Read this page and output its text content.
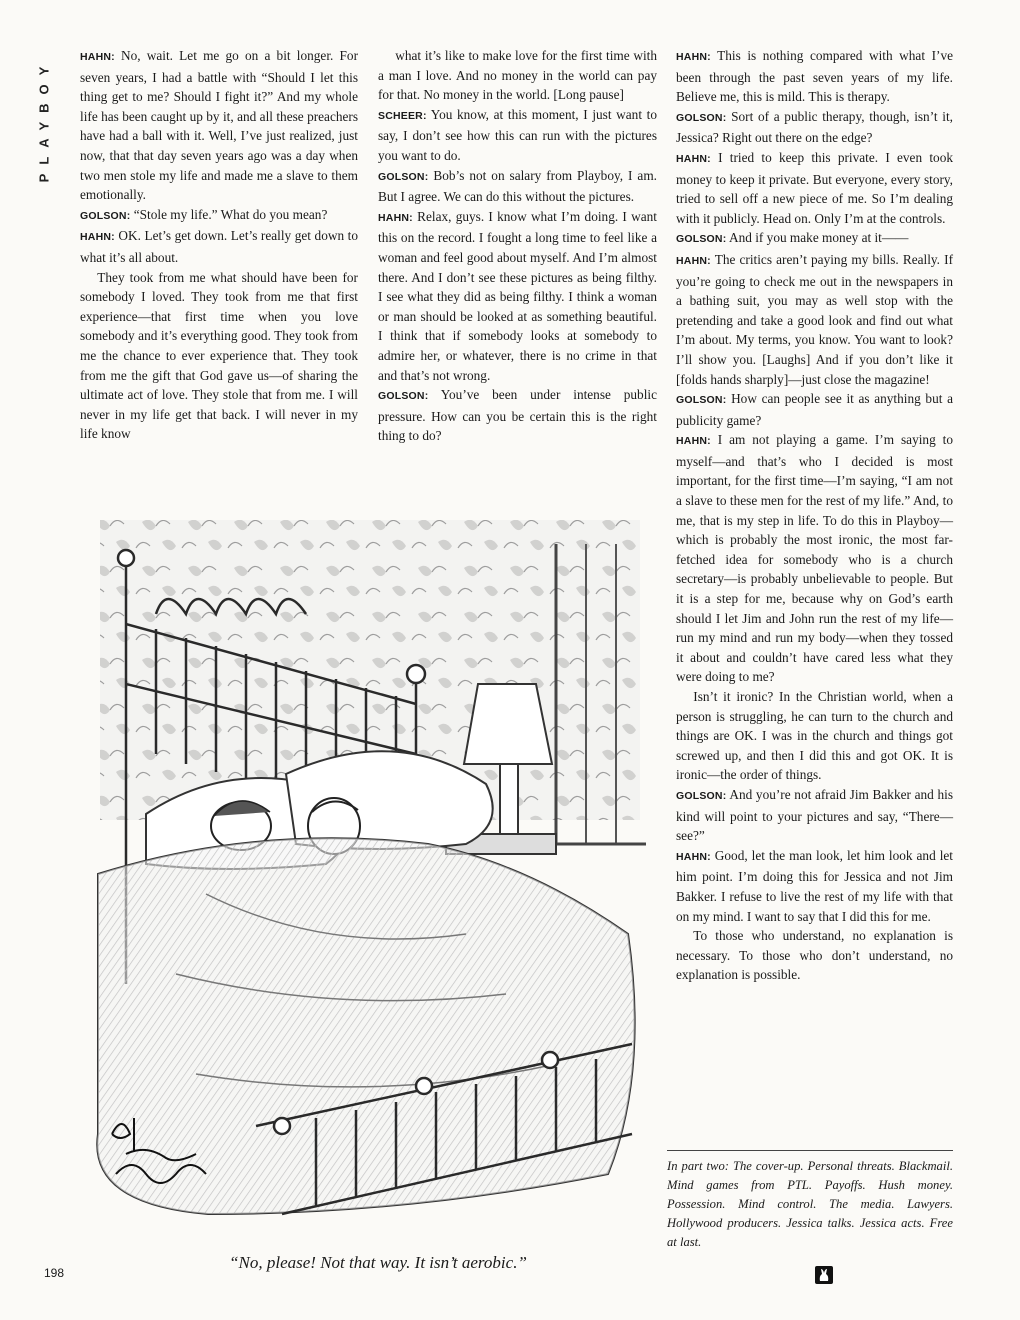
PLAYBOY

HAHN: No, wait. Let me go on a bit longer. For seven years, I had a battle with “Should I let this thing get to me? Should I fight it?” And my whole life has been caught up by it, and all these preachers have had a ball with it. Well, I’ve just realized, just now, that that day seven years ago was a day when two men stole my life and made me a slave to them emotionally.

GOLSON: “Stole my life.” What do you mean?

HAHN: OK. Let’s get down. Let’s really get down to what it’s all about.

They took from me what should have been for somebody I loved. They took from me that first experience—that first time when you love somebody and it’s everything good. They took from me the chance to ever experience that. They took from me the gift that God gave us—of sharing the ultimate act of love. They stole that from me. I will never in my life get that back. I will never in my life know

what it’s like to make love for the first time with a man I love. And no money in the world can pay for that. No money in the world. [Long pause]

SCHEER: You know, at this moment, I just want to say, I don’t see how this can run with the pictures you want to do.

GOLSON: Bob’s not on salary from Playboy, I am. But I agree. We can do this without the pictures.

HAHN: Relax, guys. I know what I’m doing. I want this on the record. I fought a long time to feel like a woman and feel good about myself. And I’m almost there. And I don’t see these pictures as being filthy. I see what they did as being filthy. I think a woman or man should be looked at as something beautiful. I think that if somebody looks at somebody to admire her, or whatever, there is no crime in that and that’s not wrong.

GOLSON: You’ve been under intense public pressure. How can you be certain this is the right thing to do?

HAHN: This is nothing compared with what I’ve been through the past seven years of my life. Believe me, this is mild. This is therapy.

GOLSON: Sort of a public therapy, though, isn’t it, Jessica? Right out there on the edge?

HAHN: I tried to keep this private. I even took money to keep it private. But everyone, every story, tried to sell off a new piece of me. So I’m dealing with it publicly. Head on. Only I’m at the controls.

GOLSON: And if you make money at it——

HAHN: The critics aren’t paying my bills. Really. If you’re going to check me out in the newspapers in a bathing suit, you may as well stop with the pretending and take a good look and find out what I’m about. My terms, you know. You want to look? I’ll show you. [Laughs] And if you don’t like it [folds hands sharply]—just close the magazine!

GOLSON: How can people see it as anything but a publicity game?

HAHN: I am not playing a game. I’m saying to myself—and that’s who I decided is most important, for the first time—I’m saying, “I am not a slave to these men for the rest of my life.” And, to me, that is my step in life. To do this in Playboy—which is probably the most ironic, the most far-fetched idea for somebody who is a church secretary—is probably unbelievable to people. But it is a step for me, because why on God’s earth should I let Jim and John run the rest of my life—run my mind and run my body—when they tossed it about and couldn’t have cared less what they were doing to me?

Isn’t it ironic? In the Christian world, when a person is struggling, he can turn to the church and things are OK. I was in the church and things got screwed up, and then I did this and got OK. It is ironic—the order of things.

GOLSON: And you’re not afraid Jim Bakker and his kind will point to your pictures and say, “There—see?”

HAHN: Good, let the man look, let him look and let him point. I’m doing this for Jessica and not Jim Bakker. I refuse to live the rest of my life with that on my mind. I want to say that I did this for me.

To those who understand, no explanation is necessary. To those who don’t understand, no explanation is possible.

“No, please! Not that way. It isn’t aerobic.”
In part two: The cover-up. Personal threats. Blackmail. Mind games from PTL. Payoffs. Hush money. Possession. Mind control. The media. Lawyers. Hollywood producers. Jessica talks. Jessica acts. Free at last.
198
